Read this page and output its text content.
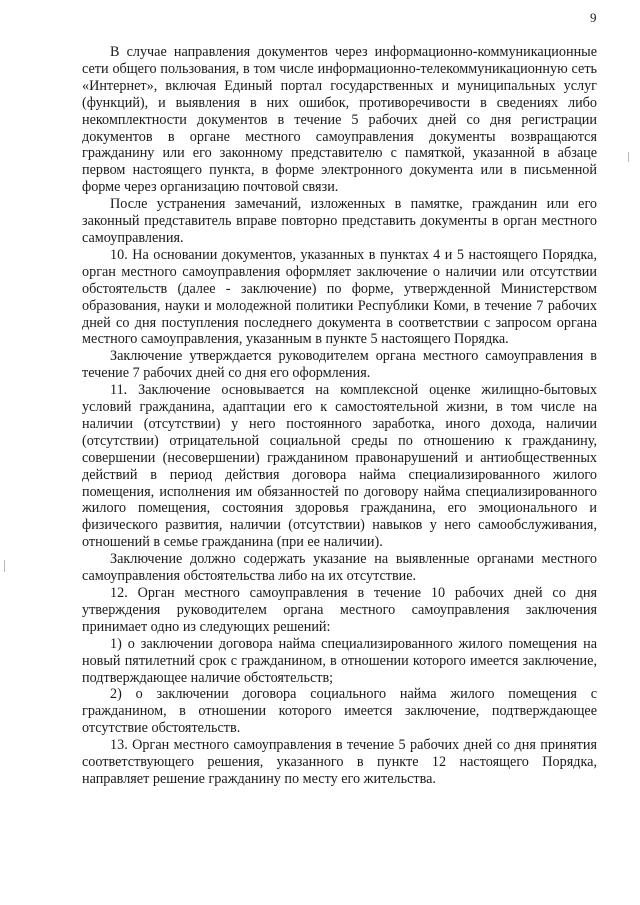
9

В случае направления документов через информационно-коммуникационные сети общего пользования, в том числе информационно-телекоммуникационную сеть «Интернет», включая Единый портал государственных и муниципальных услуг (функций), и выявления в них ошибок, противоречивости в сведениях либо некомплектности документов в течение 5 рабочих дней со дня регистрации документов в органе местного самоуправления документы возвращаются гражданину или его законному представителю с памяткой, указанной в абзаце первом настоящего пункта, в форме электронного документа или в письменной форме через организацию почтовой связи.

После устранения замечаний, изложенных в памятке, гражданин или его законный представитель вправе повторно представить документы в орган местного самоуправления.

10. На основании документов, указанных в пунктах 4 и 5 настоящего Порядка, орган местного самоуправления оформляет заключение о наличии или отсутствии обстоятельств (далее - заключение) по форме, утвержденной Министерством образования, науки и молодежной политики Республики Коми, в течение 7 рабочих дней со дня поступления последнего документа в соответствии с запросом органа местного самоуправления, указанным в пункте 5 настоящего Порядка.

Заключение утверждается руководителем органа местного самоуправления в течение 7 рабочих дней со дня его оформления.

11. Заключение основывается на комплексной оценке жилищно-бытовых условий гражданина, адаптации его к самостоятельной жизни, в том числе на наличии (отсутствии) у него постоянного заработка, иного дохода, наличии (отсутствии) отрицательной социальной среды по отношению к гражданину, совершении (несовершении) гражданином правонарушений и антиобщественных действий в период действия договора найма специализированного жилого помещения, исполнения им обязанностей по договору найма специализированного жилого помещения, состояния здоровья гражданина, его эмоционального и физического развития, наличии (отсутствии) навыков у него самообслуживания, отношений в семье гражданина (при ее наличии).

Заключение должно содержать указание на выявленные органами местного самоуправления обстоятельства либо на их отсутствие.

12. Орган местного самоуправления в течение 10 рабочих дней со дня утверждения руководителем органа местного самоуправления заключения принимает одно из следующих решений:

1) о заключении договора найма специализированного жилого помещения на новый пятилетний срок с гражданином, в отношении которого имеется заключение, подтверждающее наличие обстоятельств;

2) о заключении договора социального найма жилого помещения с гражданином, в отношении которого имеется заключение, подтверждающее отсутствие обстоятельств.

13. Орган местного самоуправления в течение 5 рабочих дней со дня принятия соответствующего решения, указанного в пункте 12 настоящего Порядка, направляет решение гражданину по месту его жительства.
